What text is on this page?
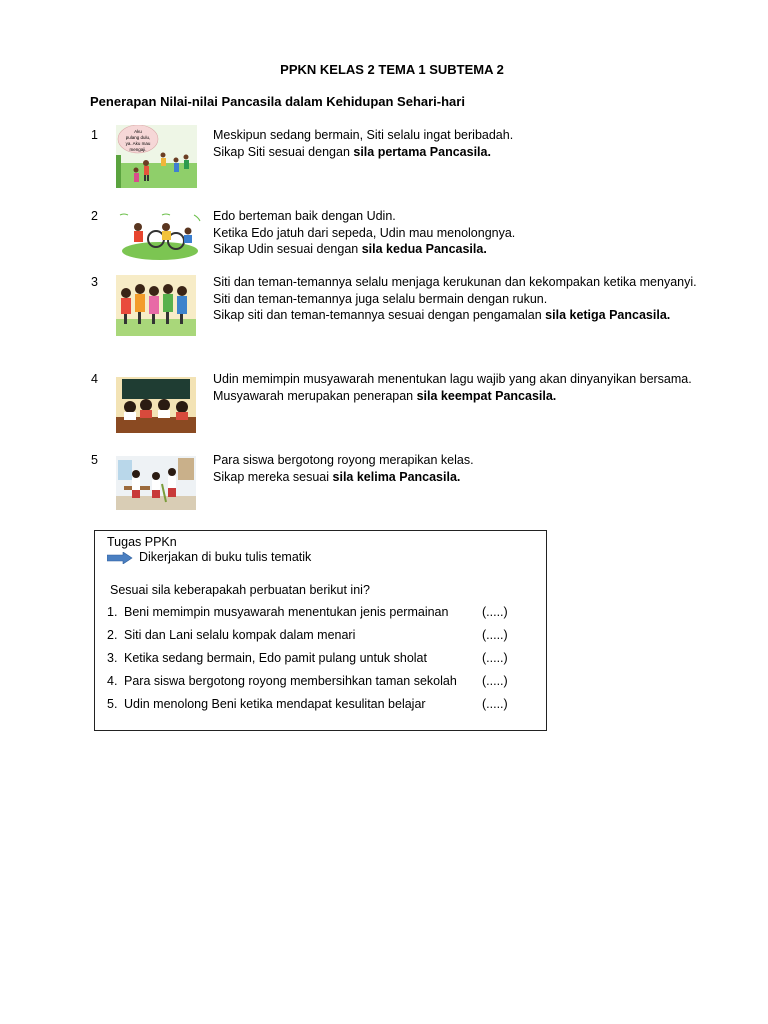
PPKN KELAS 2 TEMA 1 SUBTEMA 2
Penerapan Nilai-nilai Pancasila dalam Kehidupan Sehari-hari
1	Aku
pulang dulu,
ya. Aku mau
mengaji.
Meskipun sedang bermain, Siti selalu ingat beribadah.
Sikap Siti sesuai dengan sila pertama Pancasila.
2	Edo berteman baik dengan Udin.
Ketika Edo jatuh dari sepeda, Udin mau menolongnya.
Sikap Udin sesuai dengan sila kedua Pancasila.
3	Siti dan teman-temannya selalu menjaga kerukunan dan kekompakan ketika menyanyi.
Siti dan teman-temannya juga selalu bermain dengan rukun.
Sikap siti dan teman-temannya sesuai dengan pengamalan sila ketiga Pancasila.
4	Udin memimpin musyawarah menentukan lagu wajib yang akan dinyanyikan bersama.
Musyawarah merupakan penerapan sila keempat Pancasila.
5	Para siswa bergotong royong merapikan kelas.
Sikap mereka sesuai sila kelima Pancasila.
Tugas PPKn
Dikerjakan di buku tulis tematik
Sesuai sila keberapakah perbuatan berikut ini?
1. Beni memimpin musyawarah menentukan jenis permainan	(.....)
2. Siti dan Lani selalu kompak dalam menari	(.....)
3. Ketika sedang bermain, Edo pamit pulang untuk sholat	(.....)
4. Para siswa bergotong royong membersihkan taman sekolah (.....)
5. Udin menolong Beni ketika mendapat kesulitan belajar	(.....)
